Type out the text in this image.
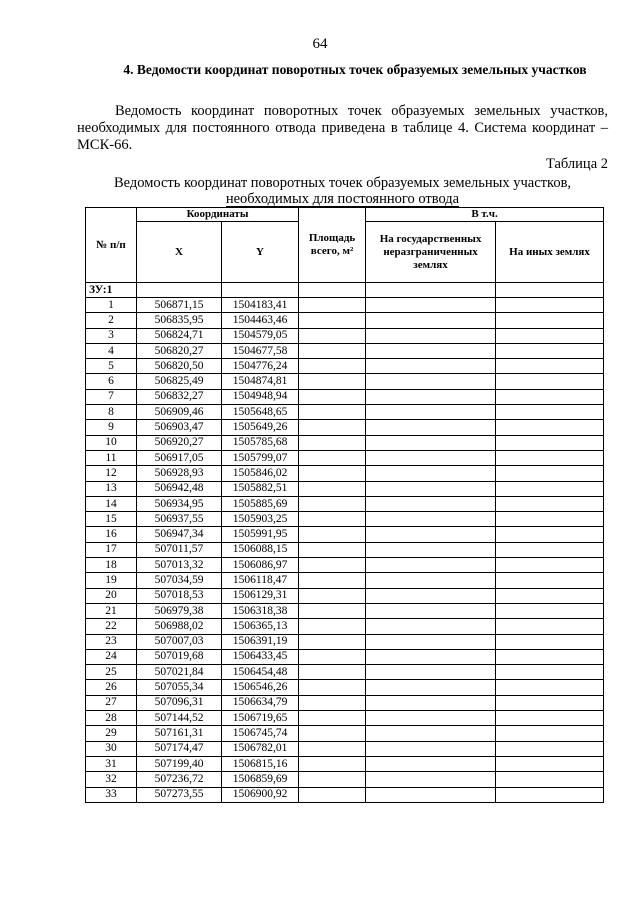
64
4. Ведомости координат поворотных точек образуемых земельных участков
Ведомость координат поворотных точек образуемых земельных участков, необходимых для постоянного отвода приведена в таблице 4. Система координат – МСК-66.
Таблица 2
Ведомость координат поворотных точек образуемых земельных участков,
необходимых для постоянного отвода
№ п/п	Координаты		Площадь всего, м²	В т.ч.	
	X	Y		На государственных неразграниченных землях	На иных землях
ЗУ:1					
1	506871,15	1504183,41			
2	506835,95	1504463,46			
3	506824,71	1504579,05			
4	506820,27	1504677,58			
5	506820,50	1504776,24			
6	506825,49	1504874,81			
7	506832,27	1504948,94			
8	506909,46	1505648,65			
9	506903,47	1505649,26			
10	506920,27	1505785,68			
11	506917,05	1505799,07			
12	506928,93	1505846,02			
13	506942,48	1505882,51			
14	506934,95	1505885,69			
15	506937,55	1505903,25			
16	506947,34	1505991,95			
17	507011,57	1506088,15			
18	507013,32	1506086,97			
19	507034,59	1506118,47			
20	507018,53	1506129,31			
21	506979,38	1506318,38			
22	506988,02	1506365,13			
23	507007,03	1506391,19			
24	507019,68	1506433,45			
25	507021,84	1506454,48			
26	507055,34	1506546,26			
27	507096,31	1506634,79			
28	507144,52	1506719,65			
29	507161,31	1506745,74			
30	507174,47	1506782,01			
31	507199,40	1506815,16			
32	507236,72	1506859,69			
33	507273,55	1506900,92			
